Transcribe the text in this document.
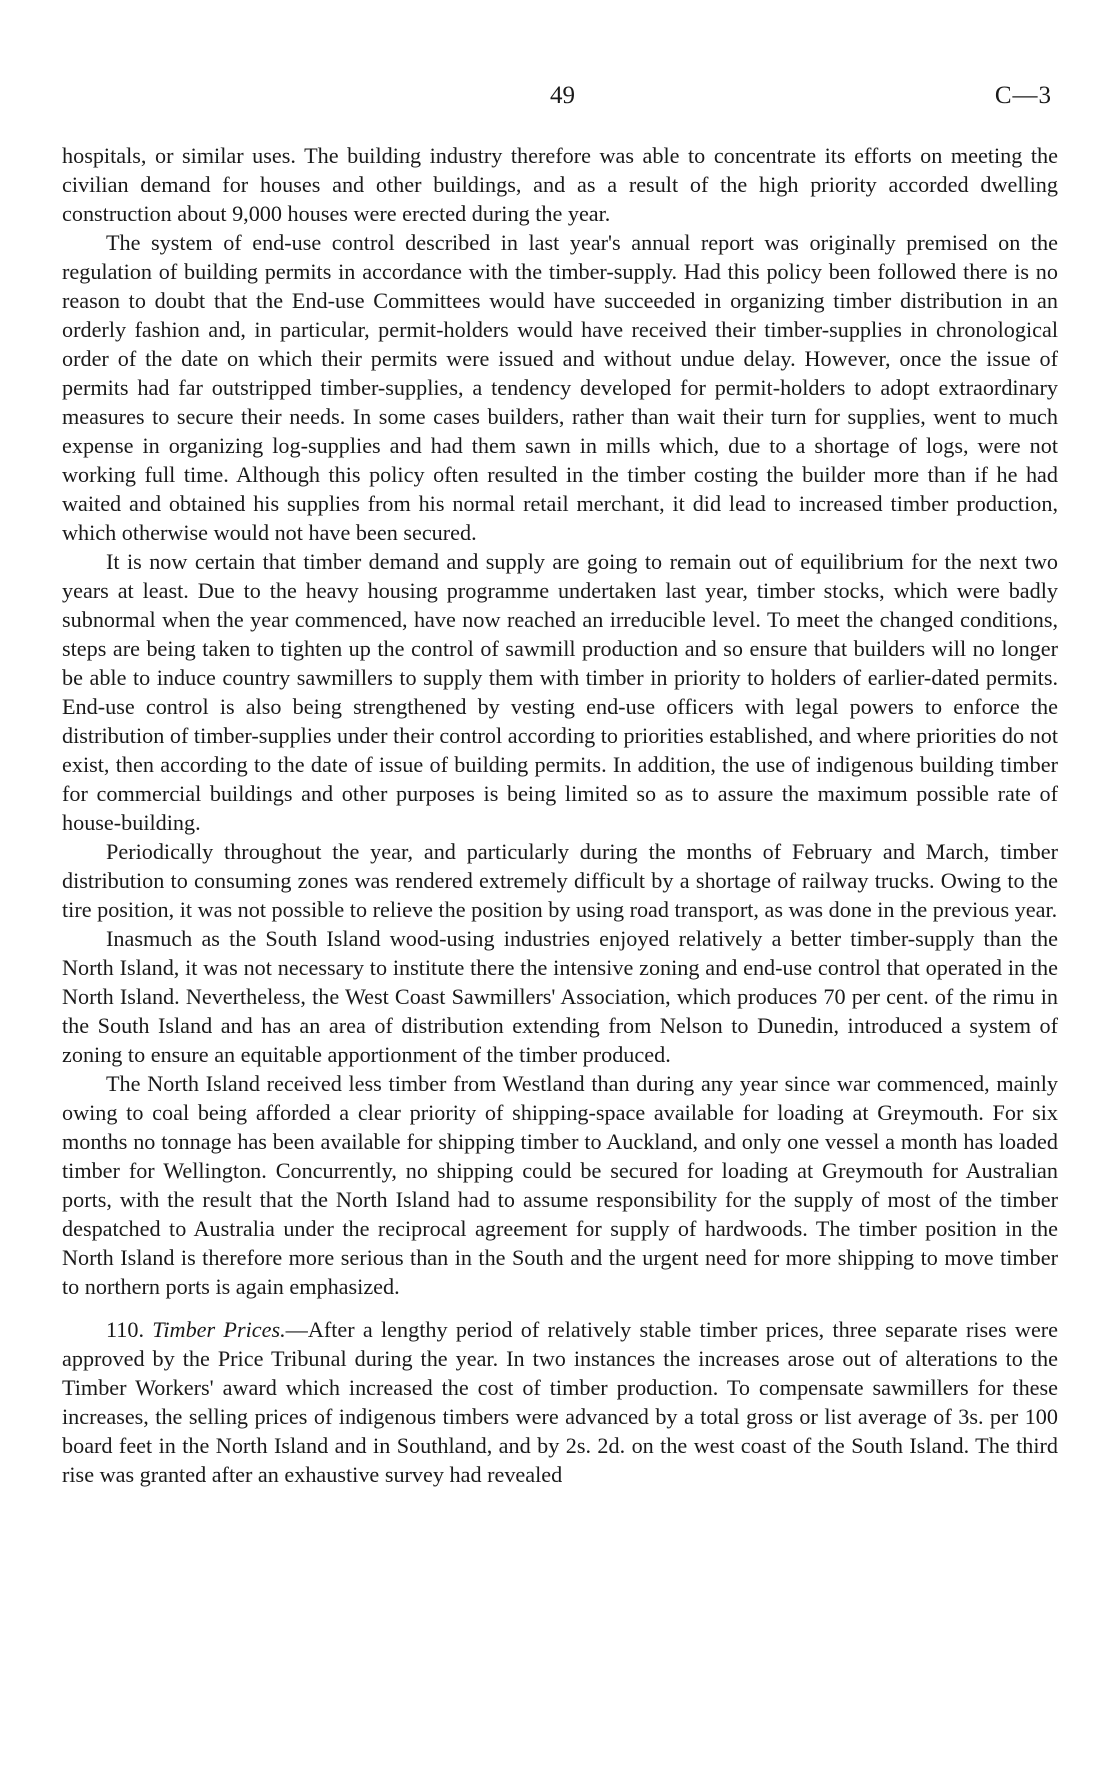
49	C—3

hospitals, or similar uses. The building industry therefore was able to concentrate its efforts on meeting the civilian demand for houses and other buildings, and as a result of the high priority accorded dwelling construction about 9,000 houses were erected during the year.

The system of end-use control described in last year's annual report was originally premised on the regulation of building permits in accordance with the timber-supply. Had this policy been followed there is no reason to doubt that the End-use Committees would have succeeded in organizing timber distribution in an orderly fashion and, in particular, permit-holders would have received their timber-supplies in chronological order of the date on which their permits were issued and without undue delay. However, once the issue of permits had far outstripped timber-supplies, a tendency developed for permit-holders to adopt extraordinary measures to secure their needs. In some cases builders, rather than wait their turn for supplies, went to much expense in organizing log-supplies and had them sawn in mills which, due to a shortage of logs, were not working full time. Although this policy often resulted in the timber costing the builder more than if he had waited and obtained his supplies from his normal retail merchant, it did lead to increased timber production, which otherwise would not have been secured.

It is now certain that timber demand and supply are going to remain out of equilibrium for the next two years at least. Due to the heavy housing programme undertaken last year, timber stocks, which were badly subnormal when the year commenced, have now reached an irreducible level. To meet the changed conditions, steps are being taken to tighten up the control of sawmill production and so ensure that builders will no longer be able to induce country sawmillers to supply them with timber in priority to holders of earlier-dated permits. End-use control is also being strengthened by vesting end-use officers with legal powers to enforce the distribution of timber-supplies under their control according to priorities established, and where priorities do not exist, then according to the date of issue of building permits. In addition, the use of indigenous building timber for commercial buildings and other purposes is being limited so as to assure the maximum possible rate of house-building.

Periodically throughout the year, and particularly during the months of February and March, timber distribution to consuming zones was rendered extremely difficult by a shortage of railway trucks. Owing to the tire position, it was not possible to relieve the position by using road transport, as was done in the previous year.

Inasmuch as the South Island wood-using industries enjoyed relatively a better timber-supply than the North Island, it was not necessary to institute there the intensive zoning and end-use control that operated in the North Island. Nevertheless, the West Coast Sawmillers' Association, which produces 70 per cent. of the rimu in the South Island and has an area of distribution extending from Nelson to Dunedin, introduced a system of zoning to ensure an equitable apportionment of the timber produced.

The North Island received less timber from Westland than during any year since war commenced, mainly owing to coal being afforded a clear priority of shipping-space available for loading at Greymouth. For six months no tonnage has been available for shipping timber to Auckland, and only one vessel a month has loaded timber for Wellington. Concurrently, no shipping could be secured for loading at Greymouth for Australian ports, with the result that the North Island had to assume responsibility for the supply of most of the timber despatched to Australia under the reciprocal agreement for supply of hardwoods. The timber position in the North Island is therefore more serious than in the South and the urgent need for more shipping to move timber to northern ports is again emphasized.

110. Timber Prices.—After a lengthy period of relatively stable timber prices, three separate rises were approved by the Price Tribunal during the year. In two instances the increases arose out of alterations to the Timber Workers' award which increased the cost of timber production. To compensate sawmillers for these increases, the selling prices of indigenous timbers were advanced by a total gross or list average of 3s. per 100 board feet in the North Island and in Southland, and by 2s. 2d. on the west coast of the South Island. The third rise was granted after an exhaustive survey had revealed
